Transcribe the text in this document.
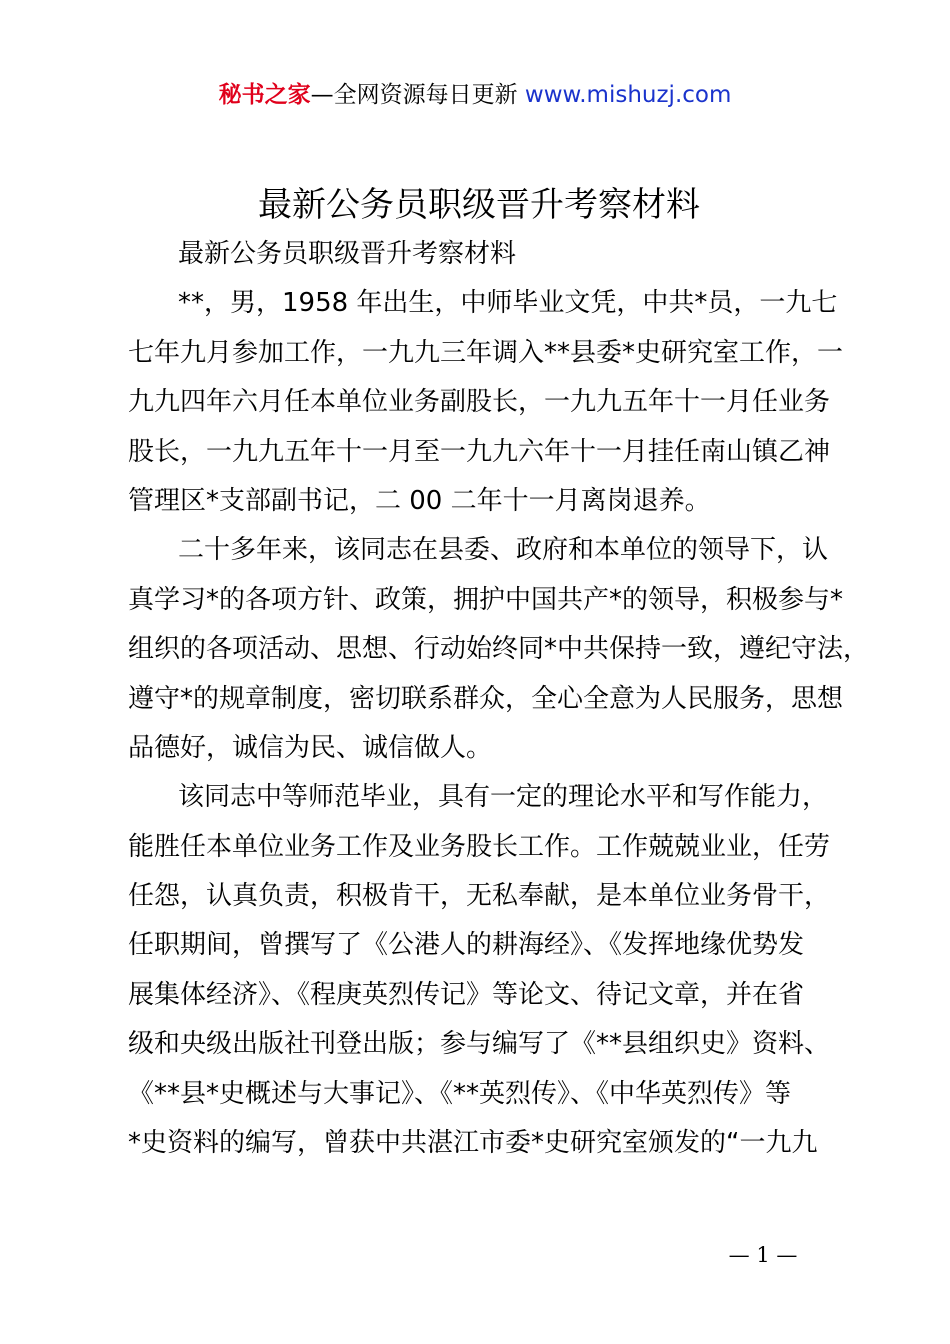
秘书之家—全网资源每日更新 www.mishuzj.com
最新公务员职级晋升考察材料
最新公务员职级晋升考察材料
**，男，1958 年出生，中师毕业文凭，中共*员，一九七
七年九月参加工作，一九九三年调入**县委*史研究室工作，一
九九四年六月任本单位业务副股长，一九九五年十一月任业务
股长，一九九五年十一月至一九九六年十一月挂任南山镇乙神
管理区*支部副书记，二 00 二年十一月离岗退养。
二十多年来，该同志在县委、政府和本单位的领导下，认
真学习*的各项方针、政策，拥护中国共产*的领导，积极参与*
组织的各项活动、思想、行动始终同*中共保持一致，遵纪守法，
遵守*的规章制度，密切联系群众，全心全意为人民服务，思想
品德好，诚信为民、诚信做人。
该同志中等师范毕业，具有一定的理论水平和写作能力，
能胜任本单位业务工作及业务股长工作。工作兢兢业业，任劳
任怨，认真负责，积极肯干，无私奉献，是本单位业务骨干，
任职期间，曾撰写了《公港人的耕海经》、《发挥地缘优势发
展集体经济》、《程庚英烈传记》等论文、待记文章，并在省
级和央级出版社刊登出版；参与编写了《**县组织史》资料、
《**县*史概述与大事记》、《**英烈传》、《中华英烈传》等
*史资料的编写，曾获中共湛江市委*史研究室颁发的“一九九
— 1 —
